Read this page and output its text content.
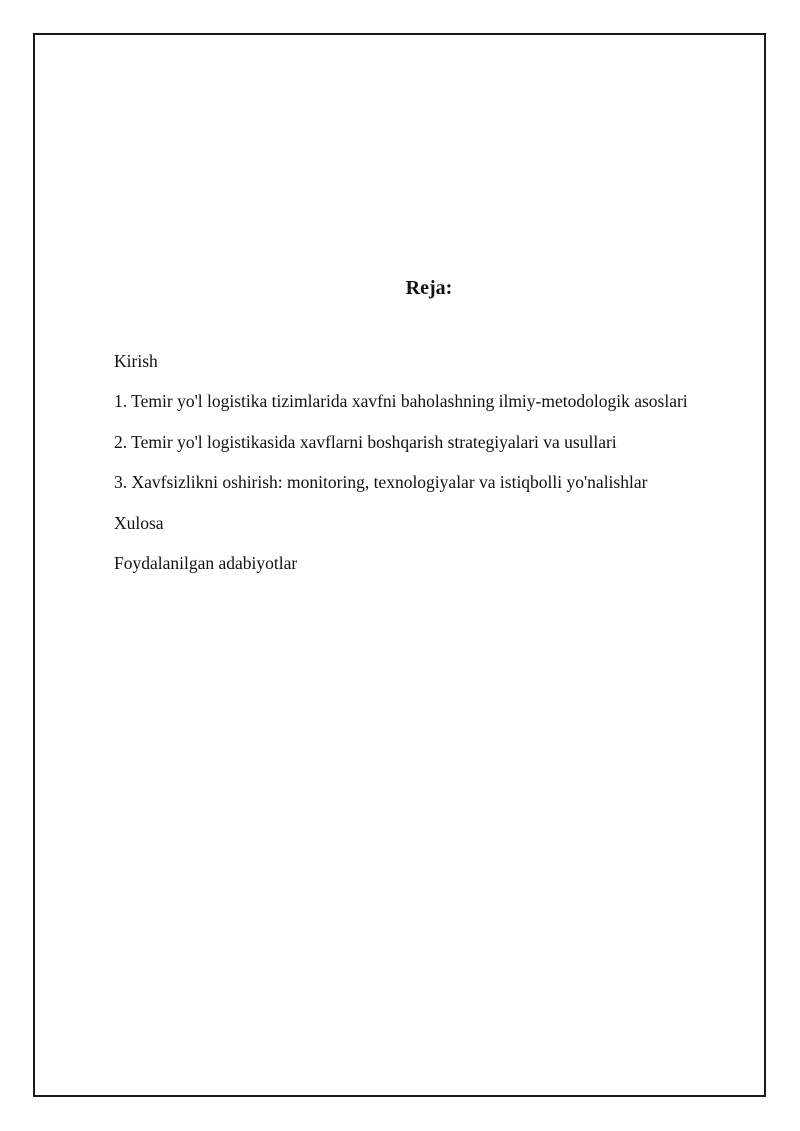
Reja:
Kirish
1. Temir yo'l logistika tizimlarida xavfni baholashning ilmiy-metodologik asoslari
2. Temir yo'l logistikasida xavflarni boshqarish strategiyalari va usullari
3. Xavfsizlikni oshirish: monitoring, texnologiyalar va istiqbolli yo'nalishlar
Xulosa
Foydalanilgan adabiyotlar
